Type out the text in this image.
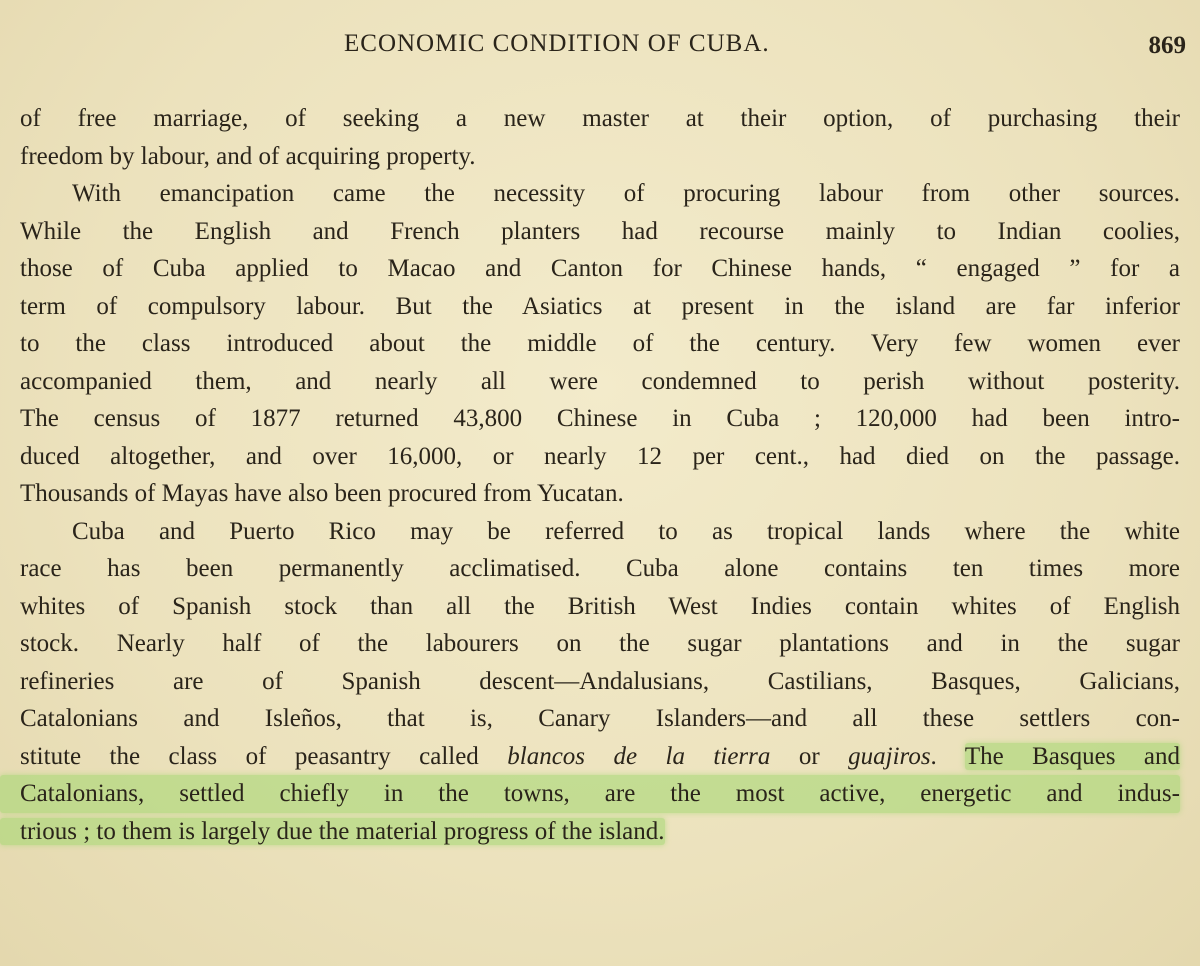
ECONOMIC CONDITION OF CUBA.	869
of free marriage, of seeking a new master at their option, of purchasing their
freedom by labour, and of acquiring property.
With emancipation came the necessity of procuring labour from other sources.
While the English and French planters had recourse mainly to Indian coolies,
those of Cuba applied to Macao and Canton for Chinese hands, “ engaged ” for a
term of compulsory labour. But the Asiatics at present in the island are far inferior
to the class introduced about the middle of the century. Very few women ever
accompanied them, and nearly all were condemned to perish without posterity.
The census of 1877 returned 43,800 Chinese in Cuba ; 120,000 had been intro-
duced altogether, and over 16,000, or nearly 12 per cent., had died on the passage.
Thousands of Mayas have also been procured from Yucatan.
Cuba and Puerto Rico may be referred to as tropical lands where the white
race has been permanently acclimatised. Cuba alone contains ten times more
whites of Spanish stock than all the British West Indies contain whites of English
stock. Nearly half of the labourers on the sugar plantations and in the sugar
refineries are of Spanish descent—Andalusians, Castilians, Basques, Galicians,
Catalonians and Isleños, that is, Canary Islanders—and all these settlers con-
stitute the class of peasantry called blancos de la tierra or guajiros. The Basques and
Catalonians, settled chiefly in the towns, are the most active, energetic and indus-
trious ; to them is largely due the material progress of the island.
